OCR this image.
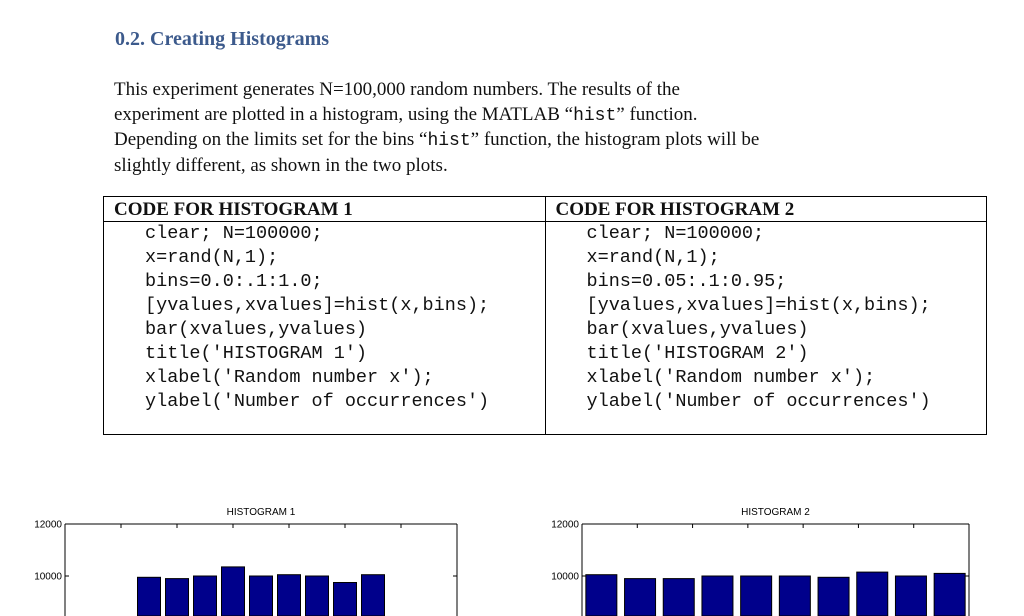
0.2. Creating Histograms
This experiment generates N=100,000 random numbers. The results of the
experiment are plotted in a histogram, using the MATLAB “hist” function.
Depending on the limits set for the bins “hist” function, the histogram plots will be
slightly different, as shown in the two plots.
CODE FOR HISTOGRAM 1
clear; N=100000;
x=rand(N,1);
bins=0.0:.1:1.0;
[yvalues,xvalues]=hist(x,bins);
bar(xvalues,yvalues)
title('HISTOGRAM 1')
xlabel('Random number x');
ylabel('Number of occurrences')
CODE FOR HISTOGRAM 2
clear; N=100000;
x=rand(N,1);
bins=0.05:.1:0.95;
[yvalues,xvalues]=hist(x,bins);
bar(xvalues,yvalues)
title('HISTOGRAM 2')
xlabel('Random number x');
ylabel('Number of occurrences')
HISTOGRAM 1
10000
12000
HISTOGRAM 2
10000
12000
